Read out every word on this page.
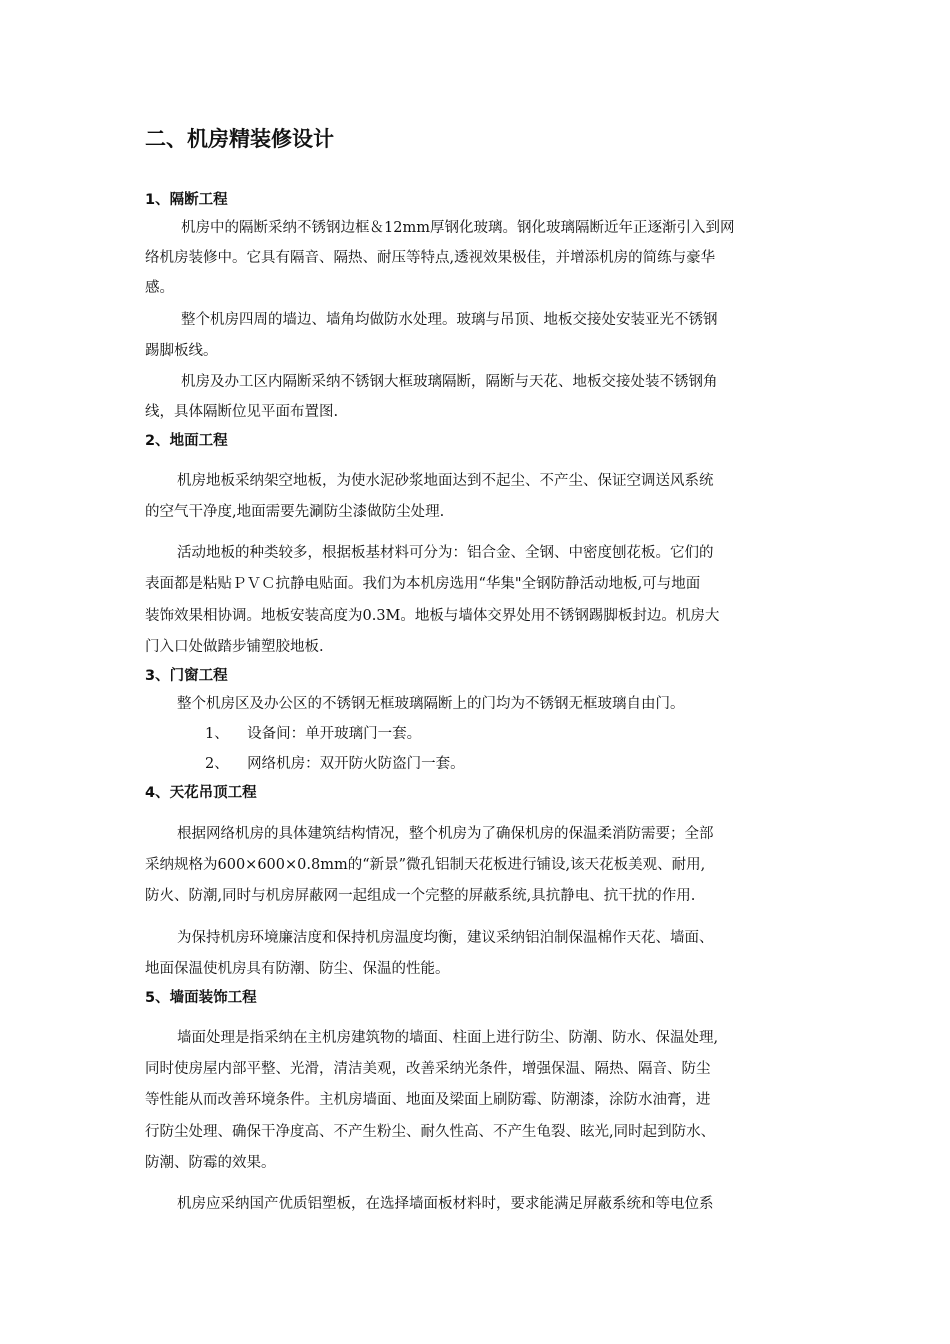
二、机房精装修设计
1、隔断工程
机房中的隔断采纳不锈钢边框＆12mm厚钢化玻璃。钢化玻璃隔断近年正逐渐引入到网
络机房装修中。它具有隔音、隔热、耐压等特点,透视效果极佳，并增添机房的简练与豪华
感。
整个机房四周的墙边、墙角均做防水处理。玻璃与吊顶、地板交接处安装亚光不锈钢
踢脚板线。
机房及办工区内隔断采纳不锈钢大框玻璃隔断，隔断与天花、地板交接处装不锈钢角
线，具体隔断位见平面布置图.
2、地面工程
机房地板采纳架空地板，为使水泥砂浆地面达到不起尘、不产尘、保证空调送风系统
的空气干净度,地面需要先涮防尘漆做防尘处理.
活动地板的种类较多，根据板基材料可分为：铝合金、全钢、中密度刨花板。它们的
表面都是粘贴ＰＶＣ抗静电贴面。我们为本机房选用“华集"全钢防静活动地板,可与地面
装饰效果相协调。地板安装高度为0.3M。地板与墙体交界处用不锈钢踢脚板封边。机房大
门入口处做踏步铺塑胶地板.
3、门窗工程
整个机房区及办公区的不锈钢无框玻璃隔断上的门均为不锈钢无框玻璃自由门。
1、    设备间：单开玻璃门一套。
2、    网络机房：双开防火防盗门一套。
4、天花吊顶工程
根据网络机房的具体建筑结构情况，整个机房为了确保机房的保温柔消防需要；全部
采纳规格为600×600×0.8mm的“新景”微孔铝制天花板进行铺设,该天花板美观、耐用,
防火、防潮,同时与机房屏蔽网一起组成一个完整的屏蔽系统,具抗静电、抗干扰的作用.
为保持机房环境廉洁度和保持机房温度均衡，建议采纳铝泊制保温棉作天花、墙面、
地面保温使机房具有防潮、防尘、保温的性能。
5、墙面装饰工程
墙面处理是指采纳在主机房建筑物的墙面、柱面上进行防尘、防潮、防水、保温处理,
同时使房屋内部平整、光滑，清洁美观，改善采纳光条件，增强保温、隔热、隔音、防尘
等性能从而改善环境条件。主机房墙面、地面及梁面上刷防霉、防潮漆，涂防水油膏，进
行防尘处理、确保干净度高、不产生粉尘、耐久性高、不产生龟裂、眩光,同时起到防水、
防潮、防霉的效果。
机房应采纳国产优质铝塑板，在选择墙面板材料时，要求能满足屏蔽系统和等电位系
